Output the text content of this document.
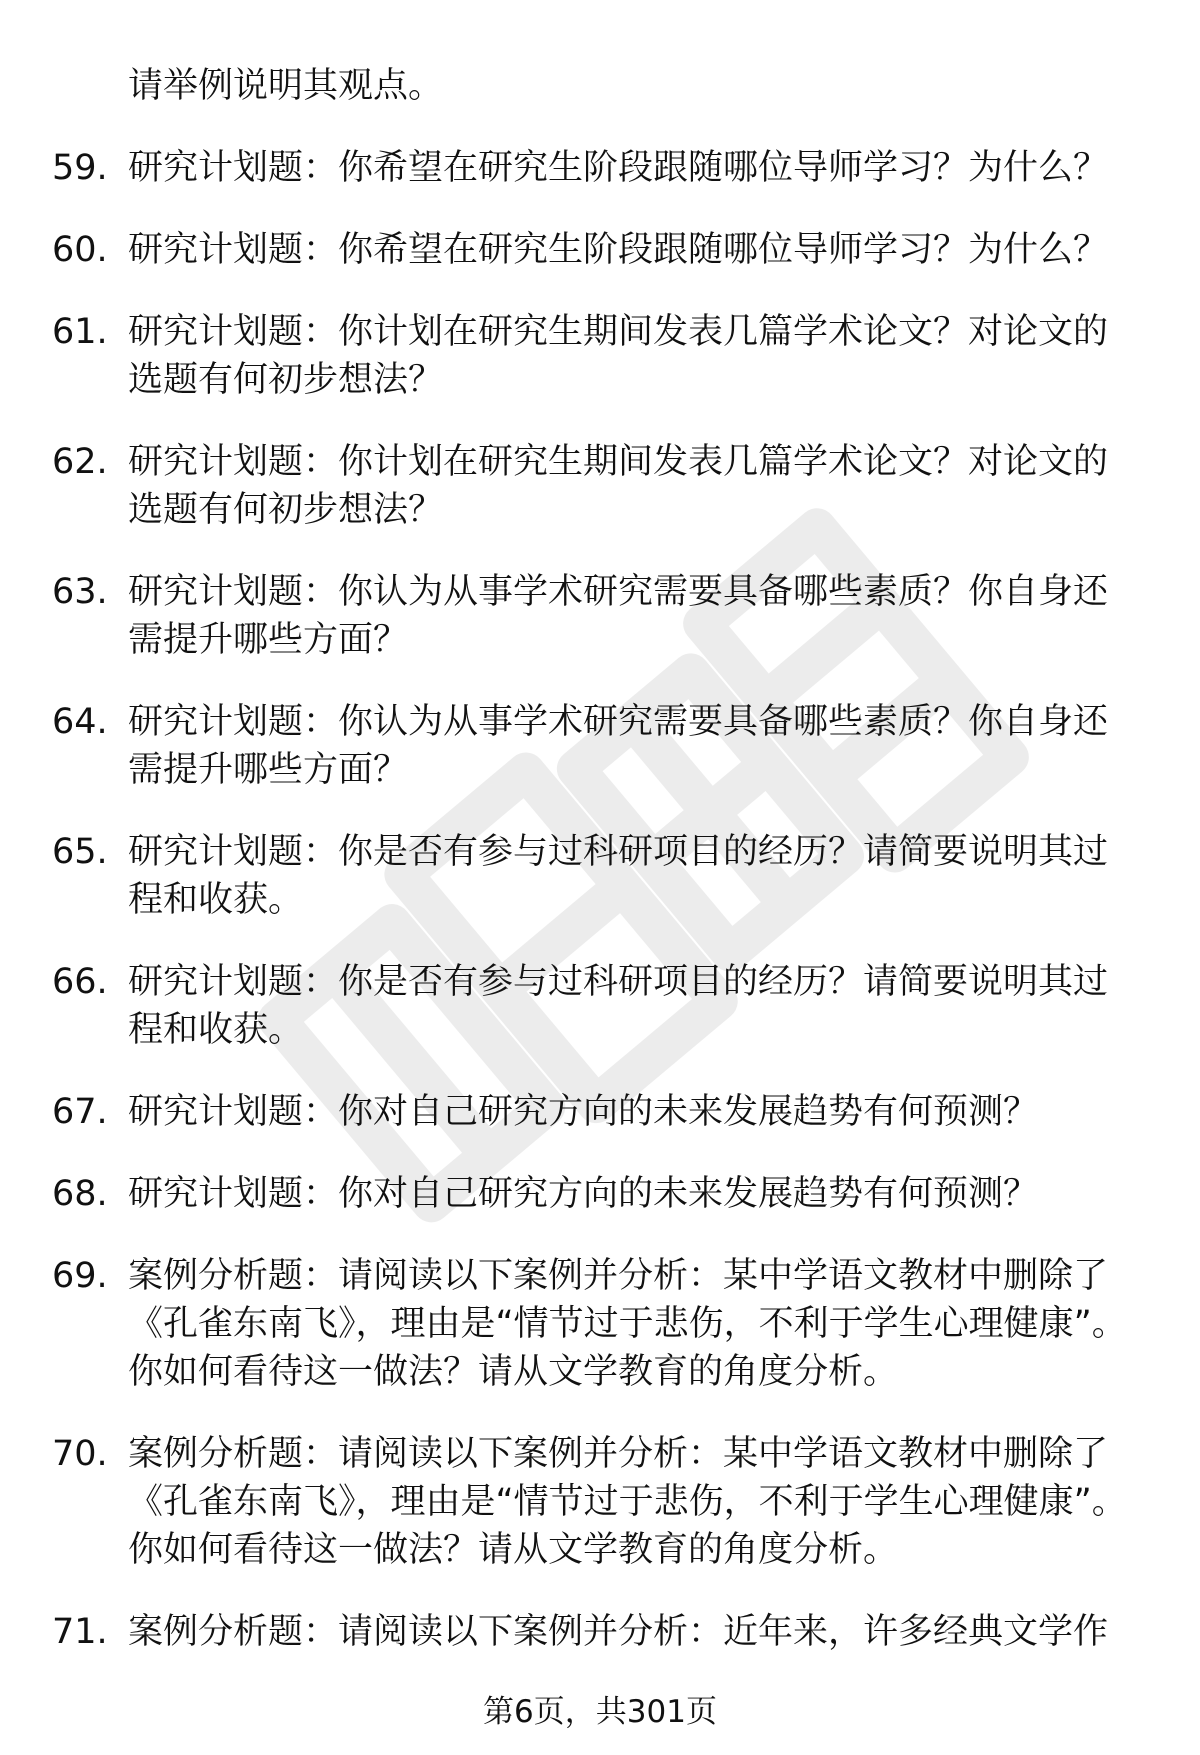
请举例说明其观点。
59. 研究计划题：你希望在研究生阶段跟随哪位导师学习？为什么？
60. 研究计划题：你希望在研究生阶段跟随哪位导师学习？为什么？
61. 研究计划题：你计划在研究生期间发表几篇学术论文？对论文的选题有何初步想法？
62. 研究计划题：你计划在研究生期间发表几篇学术论文？对论文的选题有何初步想法？
63. 研究计划题：你认为从事学术研究需要具备哪些素质？你自身还需提升哪些方面？
64. 研究计划题：你认为从事学术研究需要具备哪些素质？你自身还需提升哪些方面？
65. 研究计划题：你是否有参与过科研项目的经历？请简要说明其过程和收获。
66. 研究计划题：你是否有参与过科研项目的经历？请简要说明其过程和收获。
67. 研究计划题：你对自己研究方向的未来发展趋势有何预测？
68. 研究计划题：你对自己研究方向的未来发展趋势有何预测？
69. 案例分析题：请阅读以下案例并分析：某中学语文教材中删除了《孔雀东南飞》，理由是“情节过于悲伤，不利于学生心理健康”。你如何看待这一做法？请从文学教育的角度分析。
70. 案例分析题：请阅读以下案例并分析：某中学语文教材中删除了《孔雀东南飞》，理由是“情节过于悲伤，不利于学生心理健康”。你如何看待这一做法？请从文学教育的角度分析。
71. 案例分析题：请阅读以下案例并分析：近年来，许多经典文学作
第6页，共301页
